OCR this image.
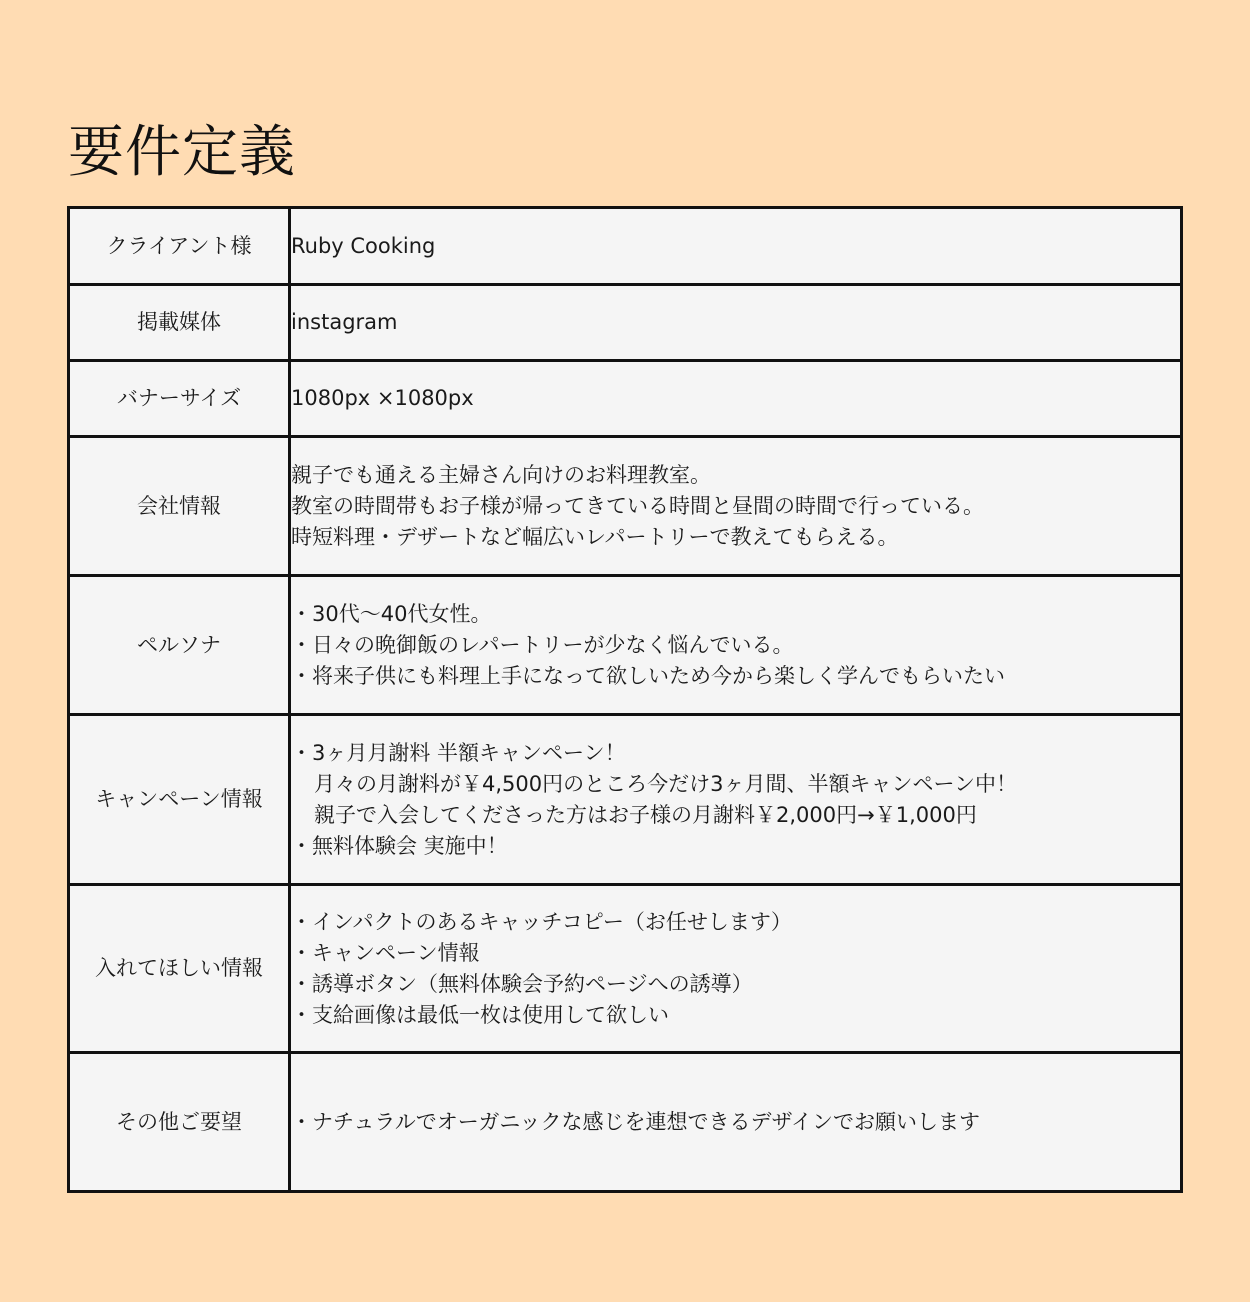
要件定義
クライアント様	Ruby Cooking

掲載媒体	instagram

バナーサイズ	1080px ×1080px

会社情報	親子でも通える主婦さん向けのお料理教室。
教室の時間帯もお子様が帰ってきている時間と昼間の時間で行っている。
時短料理・デザートなど幅広いレパートリーで教えてもらえる。

ペルソナ	・30代〜40代女性。
・日々の晩御飯のレパートリーが少なく悩んでいる。
・将来子供にも料理上手になって欲しいため今から楽しく学んでもらいたい

キャンペーン情報	・3ヶ月月謝料 半額キャンペーン！
月々の月謝料が￥4,500円のところ今だけ3ヶ月間、半額キャンペーン中！
親子で入会してくださった方はお子様の月謝料￥2,000円→￥1,000円
・無料体験会 実施中！

入れてほしい情報	・インパクトのあるキャッチコピー（お任せします）
・キャンペーン情報
・誘導ボタン（無料体験会予約ページへの誘導）
・支給画像は最低一枚は使用して欲しい

その他ご要望	・ナチュラルでオーガニックな感じを連想できるデザインでお願いします
